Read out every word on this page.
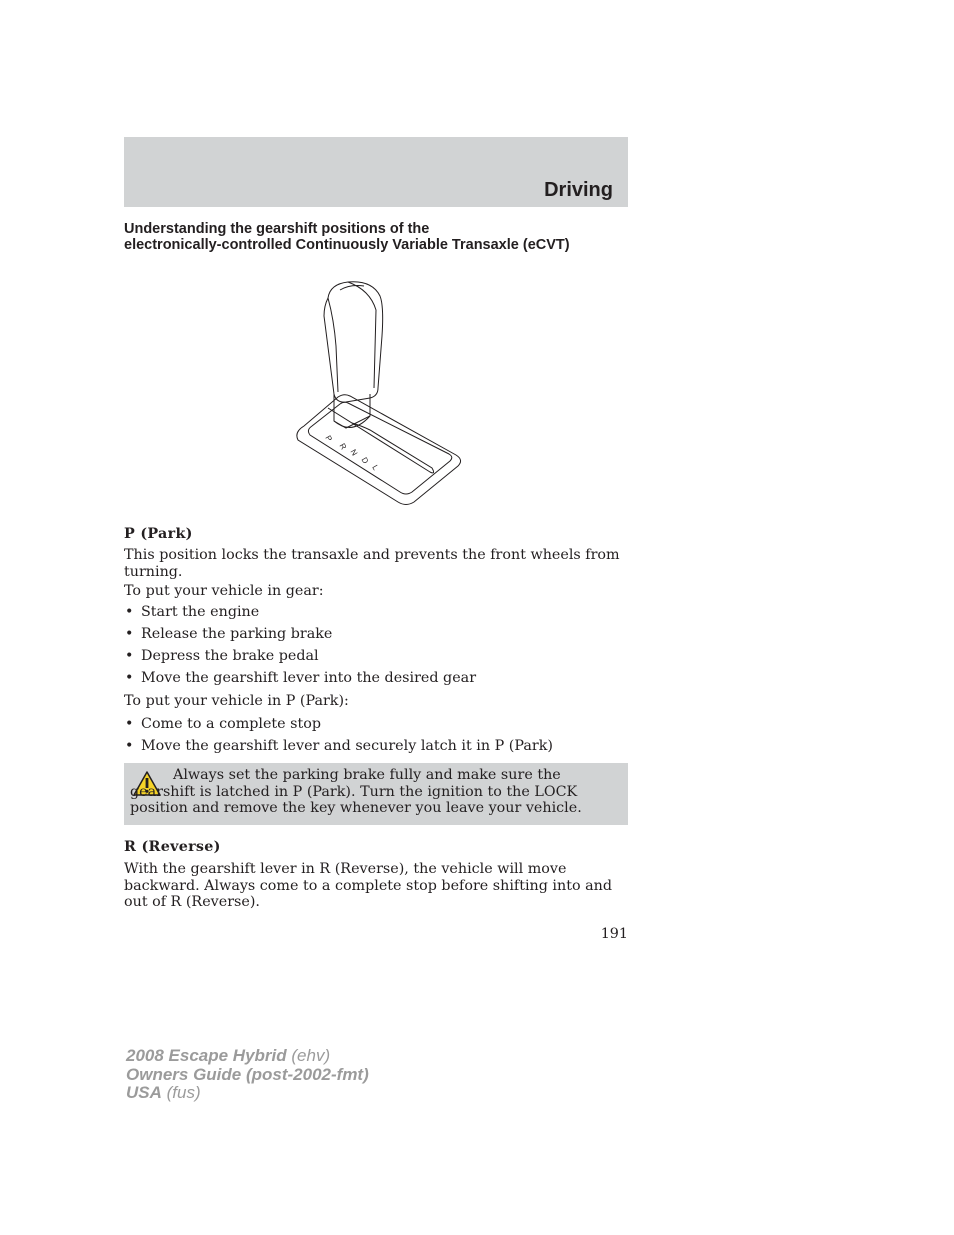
Driving
Understanding the gearshift positions of the
electronically-controlled Continuously Variable Transaxle (eCVT)
P
R
N
D
L
P (Park)

This position locks the transaxle and prevents the front wheels from turning.

To put your vehicle in gear:

• Start the engine
• Release the parking brake
• Depress the brake pedal
• Move the gearshift lever into the desired gear

To put your vehicle in P (Park):

• Come to a complete stop
• Move the gearshift lever and securely latch it in P (Park)

Always set the parking brake fully and make sure the gearshift is latched in P (Park). Turn the ignition to the LOCK position and remove the key whenever you leave your vehicle.

R (Reverse)

With the gearshift lever in R (Reverse), the vehicle will move backward. Always come to a complete stop before shifting into and out of R (Reverse).

191
2008 Escape Hybrid (ehv)
Owners Guide (post-2002-fmt)
USA (fus)
